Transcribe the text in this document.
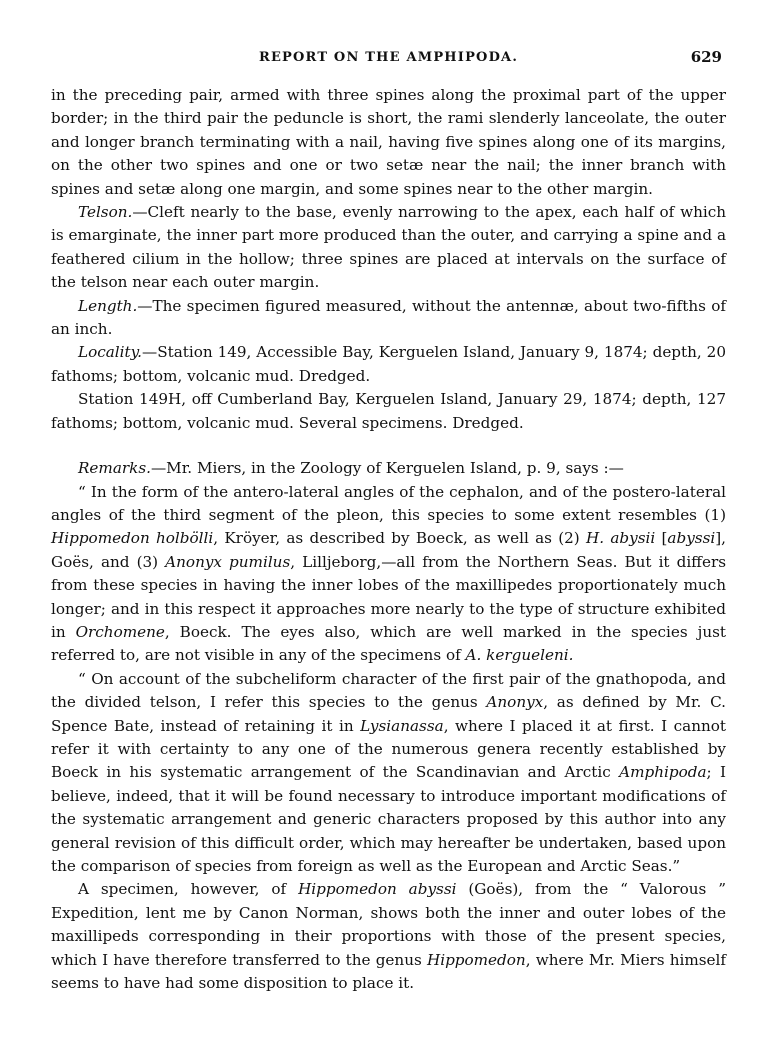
REPORT ON THE AMPHIPODA.	629

in the preceding pair, armed with three spines along the proximal part of the upper border; in the third pair the peduncle is short, the rami slenderly lanceolate, the outer and longer branch terminating with a nail, having five spines along one of its margins, on the other two spines and one or two setæ near the nail; the inner branch with spines and setæ along one margin, and some spines near to the other margin.

Telson.—Cleft nearly to the base, evenly narrowing to the apex, each half of which is emarginate, the inner part more produced than the outer, and carrying a spine and a feathered cilium in the hollow; three spines are placed at intervals on the surface of the telson near each outer margin.

Length.—The specimen figured measured, without the antennæ, about two-fifths of an inch.

Locality.—Station 149, Accessible Bay, Kerguelen Island, January 9, 1874; depth, 20 fathoms; bottom, volcanic mud. Dredged.

Station 149H, off Cumberland Bay, Kerguelen Island, January 29, 1874; depth, 127 fathoms; bottom, volcanic mud. Several specimens. Dredged.

Remarks.—Mr. Miers, in the Zoology of Kerguelen Island, p. 9, says :—

“ In the form of the antero-lateral angles of the cephalon, and of the postero-lateral angles of the third segment of the pleon, this species to some extent resembles (1) Hippomedon holbölli, Kröyer, as described by Boeck, as well as (2) H. abysii [abyssi], Goës, and (3) Anonyx pumilus, Lilljeborg,—all from the Northern Seas. But it differs from these species in having the inner lobes of the maxillipedes proportionately much longer; and in this respect it approaches more nearly to the type of structure exhibited in Orchomene, Boeck. The eyes also, which are well marked in the species just referred to, are not visible in any of the specimens of A. kergueleni.

“ On account of the subcheliform character of the first pair of the gnathopoda, and the divided telson, I refer this species to the genus Anonyx, as defined by Mr. C. Spence Bate, instead of retaining it in Lysianassa, where I placed it at first. I cannot refer it with certainty to any one of the numerous genera recently established by Boeck in his systematic arrangement of the Scandinavian and Arctic Amphipoda; I believe, indeed, that it will be found necessary to introduce important modifications of the systematic arrangement and generic characters proposed by this author into any general revision of this difficult order, which may hereafter be undertaken, based upon the comparison of species from foreign as well as the European and Arctic Seas.”

A specimen, however, of Hippomedon abyssi (Goës), from the “ Valorous ” Expedition, lent me by Canon Norman, shows both the inner and outer lobes of the maxillipeds corresponding in their proportions with those of the present species, which I have therefore transferred to the genus Hippomedon, where Mr. Miers himself seems to have had some disposition to place it.
